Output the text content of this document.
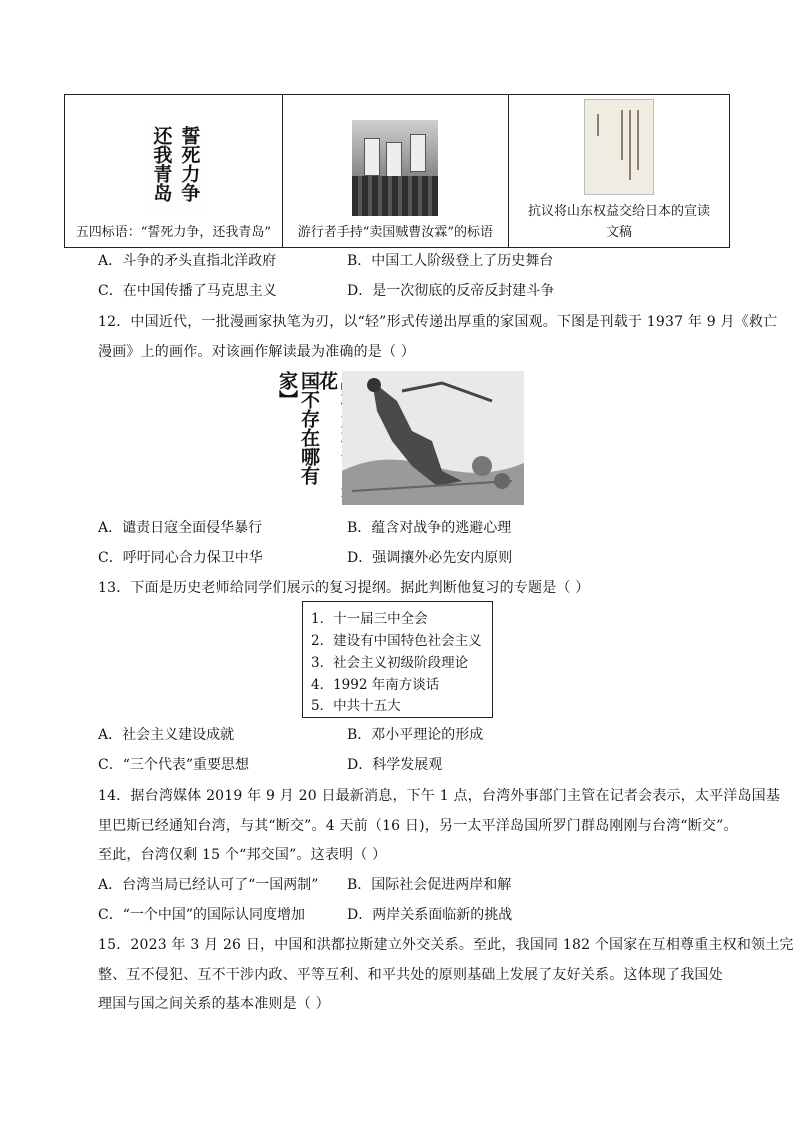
誓死力争
还我青岛
五四标语：“誓死力争，还我青岛”	游行者手持“卖国贼曹汝霖”的标语

抗议将山东权益交给日本的宣读
文稿
A．斗争的矛头直指北洋政府	B．中国工人阶级登上了历史舞台
C．在中国传播了马克思主义	D．是一次彻底的反帝反封建斗争
12．中国近代，一批漫画家执笔为刃，以“轻”形式传递出厚重的家国观。下图是刊载于 1937 年 9 月《救亡
漫画》上的画作。对该画作解读最为准确的是（ ）
国不存在哪有家】 花
A．谴责日寇全面侵华暴行	B．蕴含对战争的逃避心理
C．呼吁同心合力保卫中华	D．强调攘外必先安内原则
13．下面是历史老师给同学们展示的复习提纲。据此判断他复习的专题是（ ）
1．十一届三中全会
2．建设有中国特色社会主义
3．社会主义初级阶段理论
4．1992 年南方谈话
5．中共十五大
A．社会主义建设成就	B．邓小平理论的形成
C．“三个代表”重要思想	D．科学发展观
14．据台湾媒体 2019 年 9 月 20 日最新消息，下午 1 点，台湾外事部门主管在记者会表示，太平洋岛国基
里巴斯已经通知台湾，与其“断交”。4 天前（16 日)，另一太平洋岛国所罗门群岛刚刚与台湾“断交”。
至此，台湾仅剩 15 个“邦交国”。这表明（ ）
A．台湾当局已经认可了“一国两制” B．国际社会促进两岸和解
C．“一个中国”的国际认同度增加	D．两岸关系面临新的挑战
15．2023 年 3 月 26 日，中国和洪都拉斯建立外交关系。至此，我国同 182 个国家在互相尊重主权和领土完
整、互不侵犯、互不干涉内政、平等互利、和平共处的原则基础上发展了友好关系。这体现了我国处
理国与国之间关系的基本准则是（ ）
